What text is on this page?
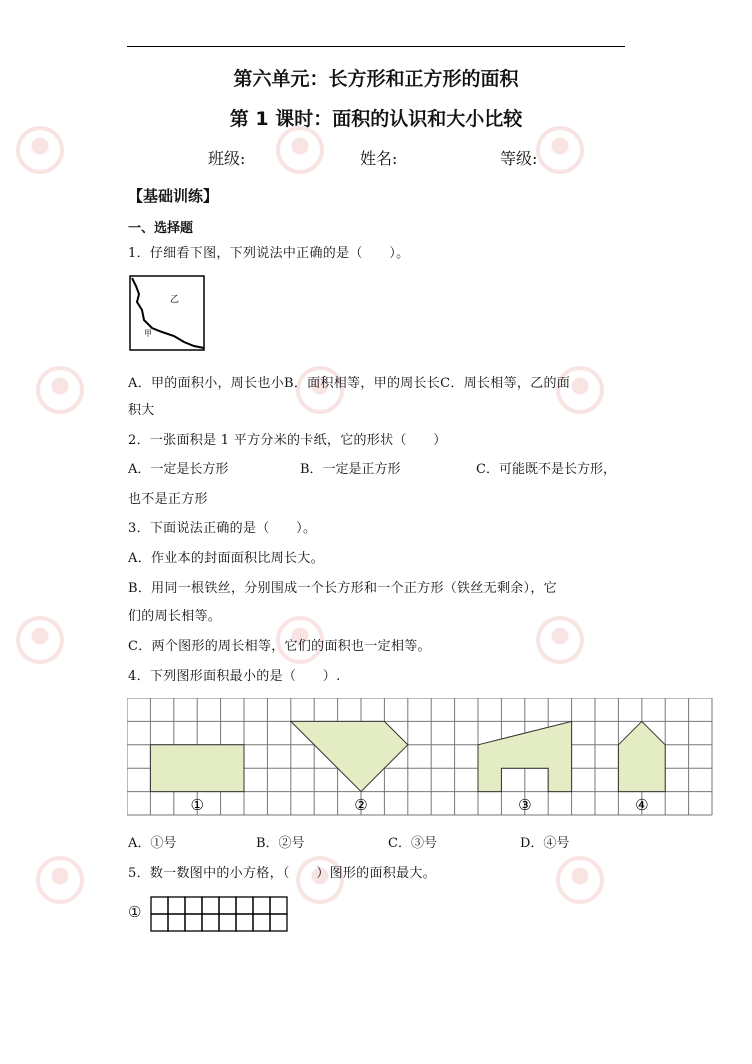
第六单元：长方形和正方形的面积
第 1 课时：面积的认识和大小比较
班级:	姓名:	等级:
【基础训练】
一、选择题
1．仔细看下图，下列说法中正确的是（　　）。
乙
甲
A．甲的面积小，周长也小B．面积相等，甲的周长长C．周长相等，乙的面
积大
2．一张面积是 1 平方分米的卡纸，它的形状（　　）
A．一定是长方形	B．一定是正方形	C．可能既不是长方形，
也不是正方形
3．下面说法正确的是（　　）。
A．作业本的封面面积比周长大。
B．用同一根铁丝，分别围成一个长方形和一个正方形（铁丝无剩余），它
们的周长相等。
C．两个图形的周长相等，它们的面积也一定相等。
4．下列图形面积最小的是（　　）.
①	②	③	④
A．①号	B．②号	C．③号	D．④号
5．数一数图中的小方格，（　　）图形的面积最大。
①
